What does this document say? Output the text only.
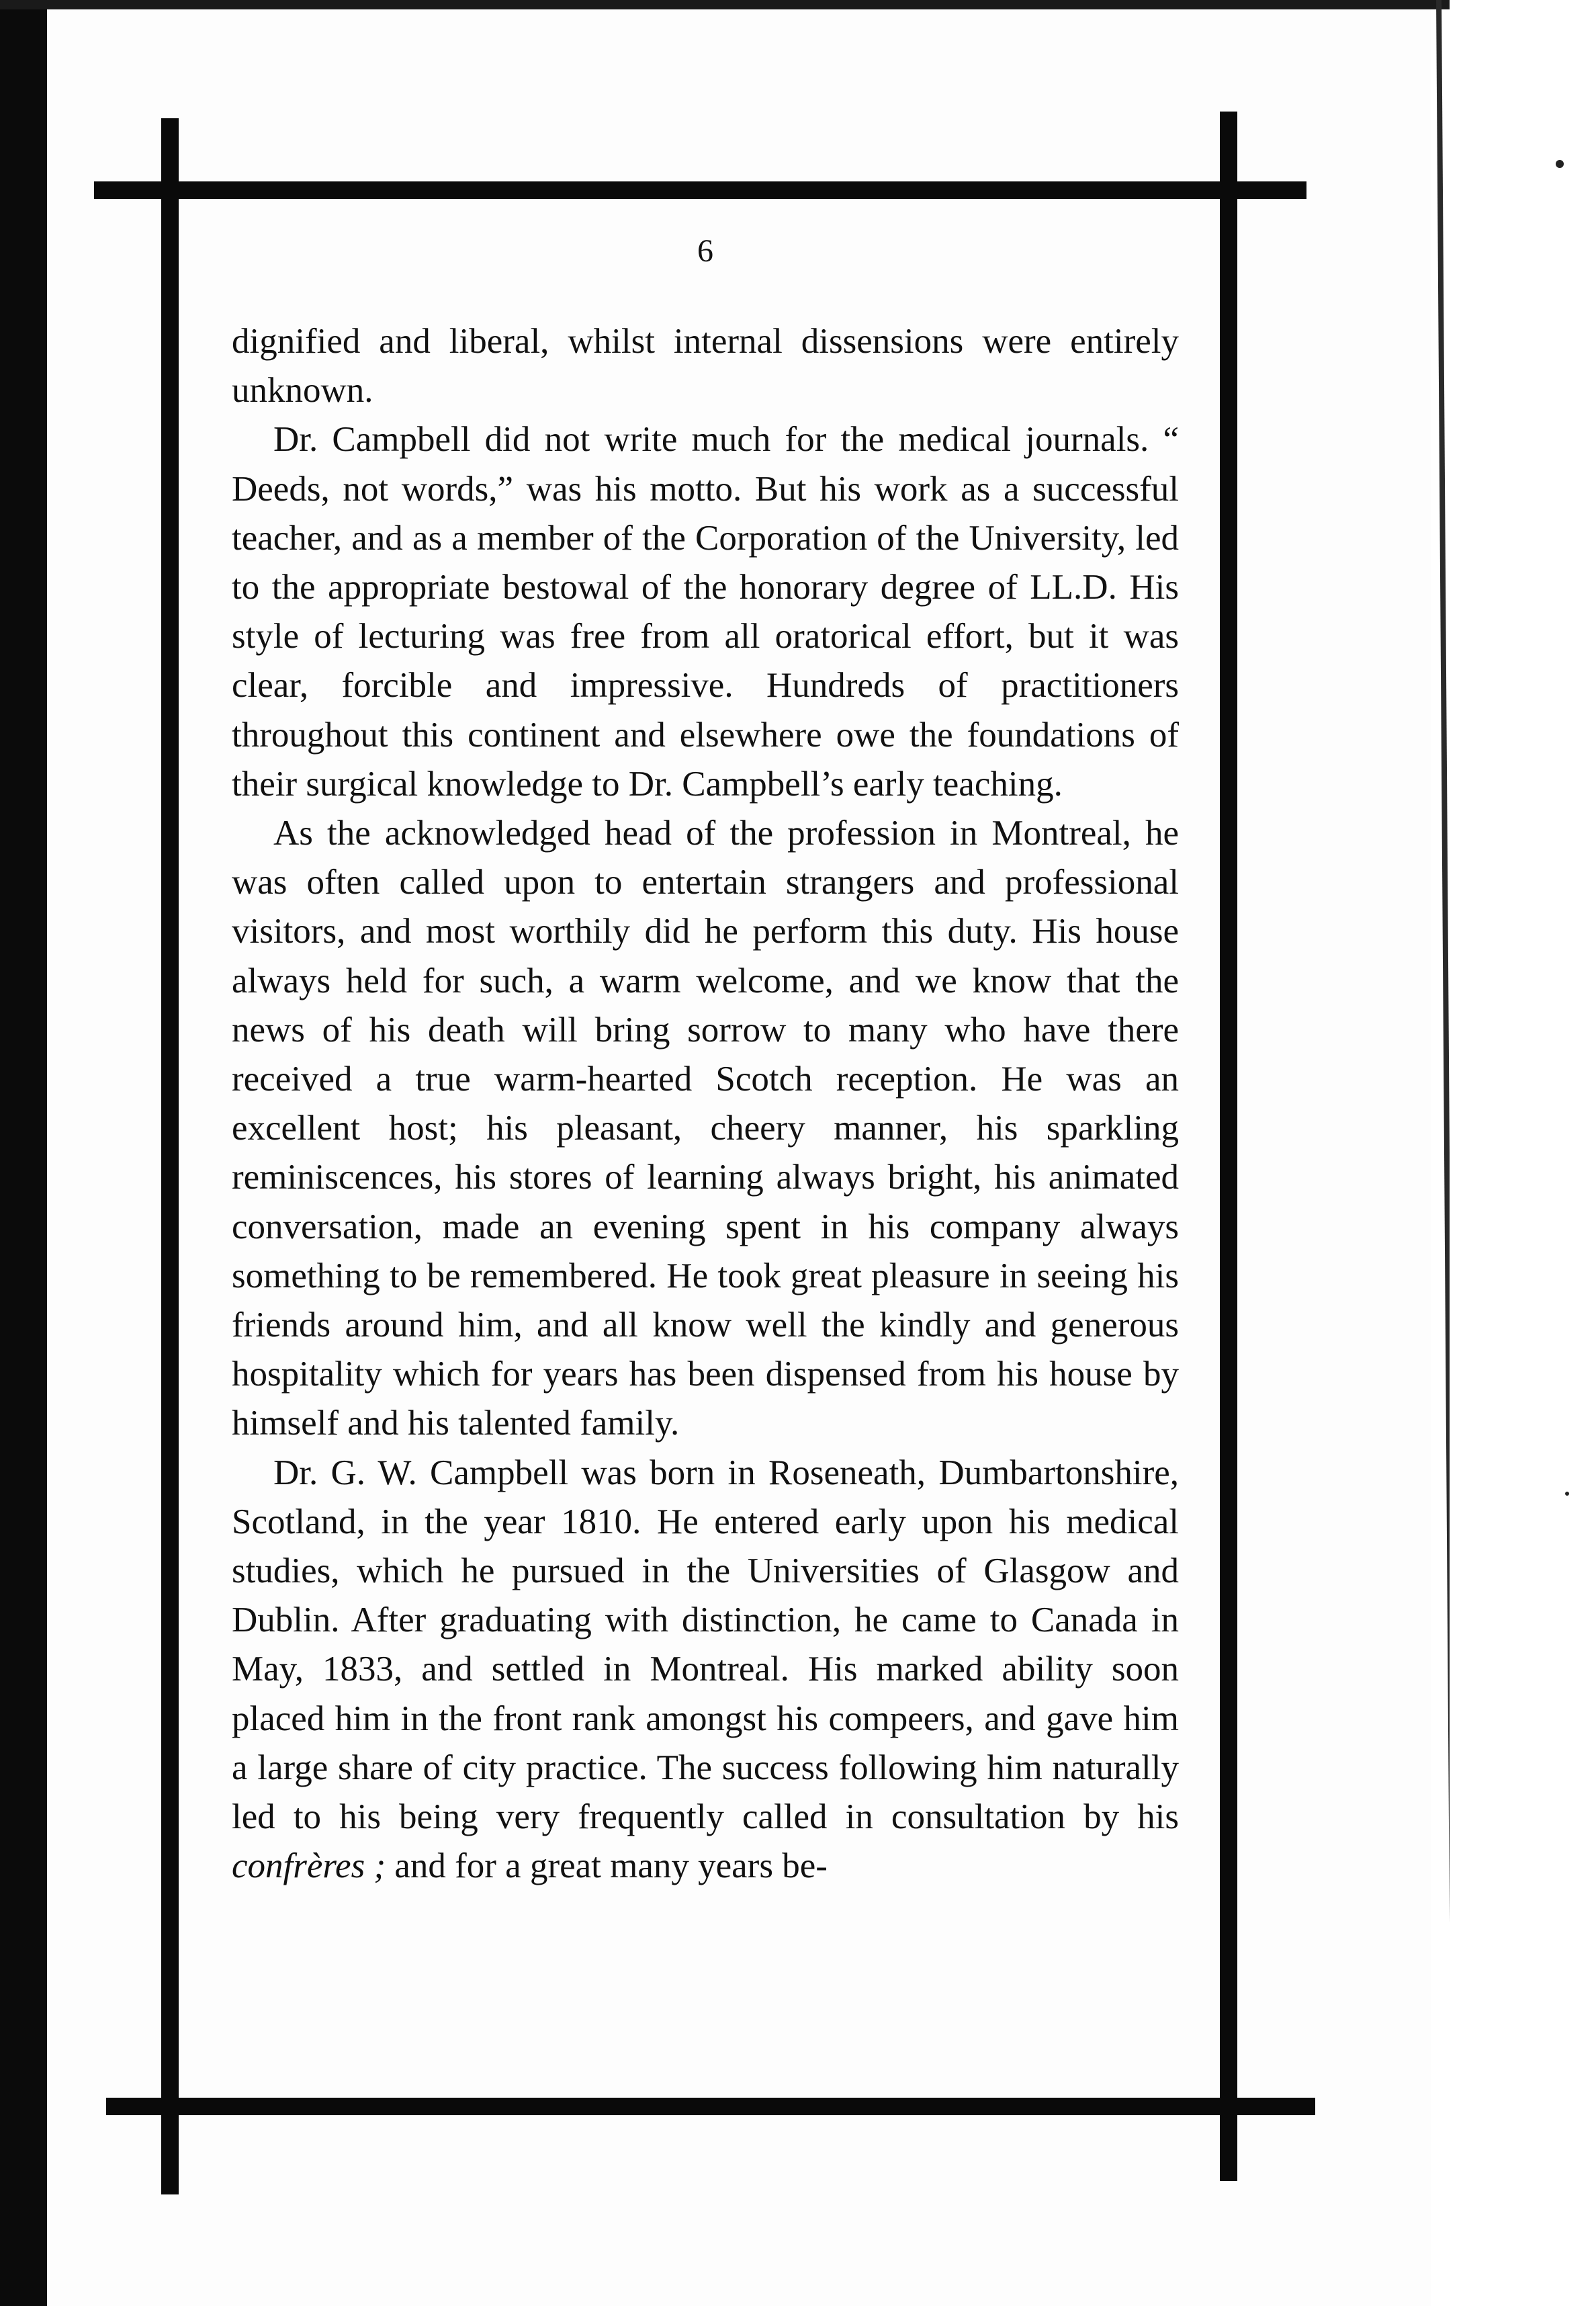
6

dignified and liberal, whilst internal dissensions were entirely unknown.

Dr. Campbell did not write much for the medical journals. “ Deeds, not words,” was his motto. But his work as a successful teacher, and as a member of the Corporation of the University, led to the appropriate bestowal of the honorary degree of LL.D. His style of lecturing was free from all oratorical effort, but it was clear, forcible and impressive. Hundreds of practitioners throughout this continent and elsewhere owe the foundations of their surgical knowledge to Dr. Campbell’s early teaching.

As the acknowledged head of the profession in Montreal, he was often called upon to entertain strangers and professional visitors, and most worthily did he perform this duty. His house always held for such, a warm welcome, and we know that the news of his death will bring sorrow to many who have there received a true warm-hearted Scotch reception. He was an excellent host; his pleasant, cheery manner, his sparkling reminiscences, his stores of learning always bright, his animated conversation, made an evening spent in his company always something to be remembered. He took great pleasure in seeing his friends around him, and all know well the kindly and generous hospitality which for years has been dispensed from his house by himself and his talented family.

Dr. G. W. Campbell was born in Roseneath, Dumbartonshire, Scotland, in the year 1810. He entered early upon his medical studies, which he pursued in the Universities of Glasgow and Dublin. After graduating with distinction, he came to Canada in May, 1833, and settled in Montreal. His marked ability soon placed him in the front rank amongst his compeers, and gave him a large share of city practice. The success following him naturally led to his being very frequently called in consultation by his confrères ; and for a great many years be-
